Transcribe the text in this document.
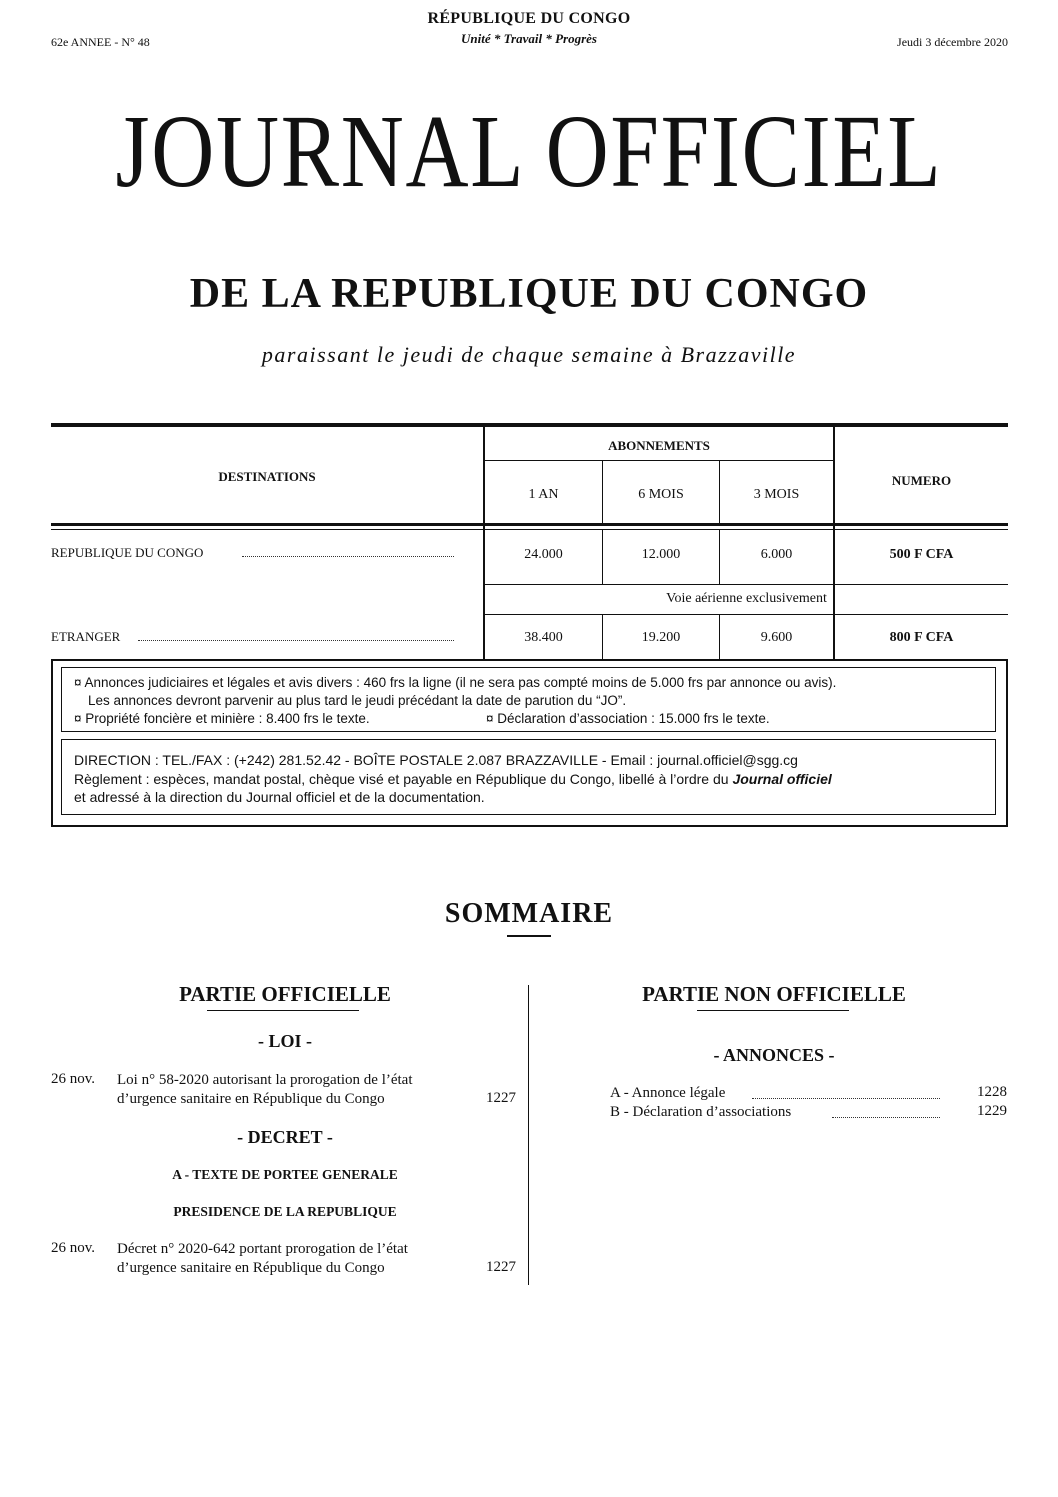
RÉPUBLIQUE DU CONGO
Unité * Travail * Progrès
62e ANNEE - N° 48	Jeudi 3 décembre 2020
JOURNAL OFFICIEL
DE LA REPUBLIQUE DU CONGO
paraissant le jeudi de chaque semaine à Brazzaville
DESTINATIONS
ABONNEMENTS
NUMERO
1 AN	6 MOIS	3 MOIS
REPUBLIQUE DU CONGO	24.000	12.000	6.000	500 F CFA
Voie aérienne exclusivement
ETRANGER	38.400	19.200	9.600	800 F CFA
¤ Annonces judiciaires et légales et avis divers : 460 frs la ligne (il ne sera pas compté moins de 5.000 frs par annonce ou avis).
Les annonces devront parvenir au plus tard le jeudi précédant la date de parution du “JO”.
¤ Propriété foncière et minière : 8.400 frs le texte.	¤ Déclaration d’association : 15.000 frs le texte.
DIRECTION : TEL./FAX : (+242) 281.52.42 - BOÎTE POSTALE 2.087 BRAZZAVILLE - Email : journal.officiel@sgg.cg
Règlement : espèces, mandat postal, chèque visé et payable en République du Congo, libellé à l’ordre du Journal officiel
et adressé à la direction du Journal officiel et de la documentation.
SOMMAIRE
PARTIE OFFICIELLE
- LOI -
26 nov. Loi n° 58-2020 autorisant la prorogation de l’état
d’urgence sanitaire en République du Congo	1227
- DECRET -
A - TEXTE DE PORTEE GENERALE
PRESIDENCE DE LA REPUBLIQUE
26 nov. Décret n° 2020-642 portant prorogation de l’état
d’urgence sanitaire en République du Congo	1227
PARTIE NON OFFICIELLE
- ANNONCES -
A - Annonce légale	1228
B - Déclaration d’associations	1229
